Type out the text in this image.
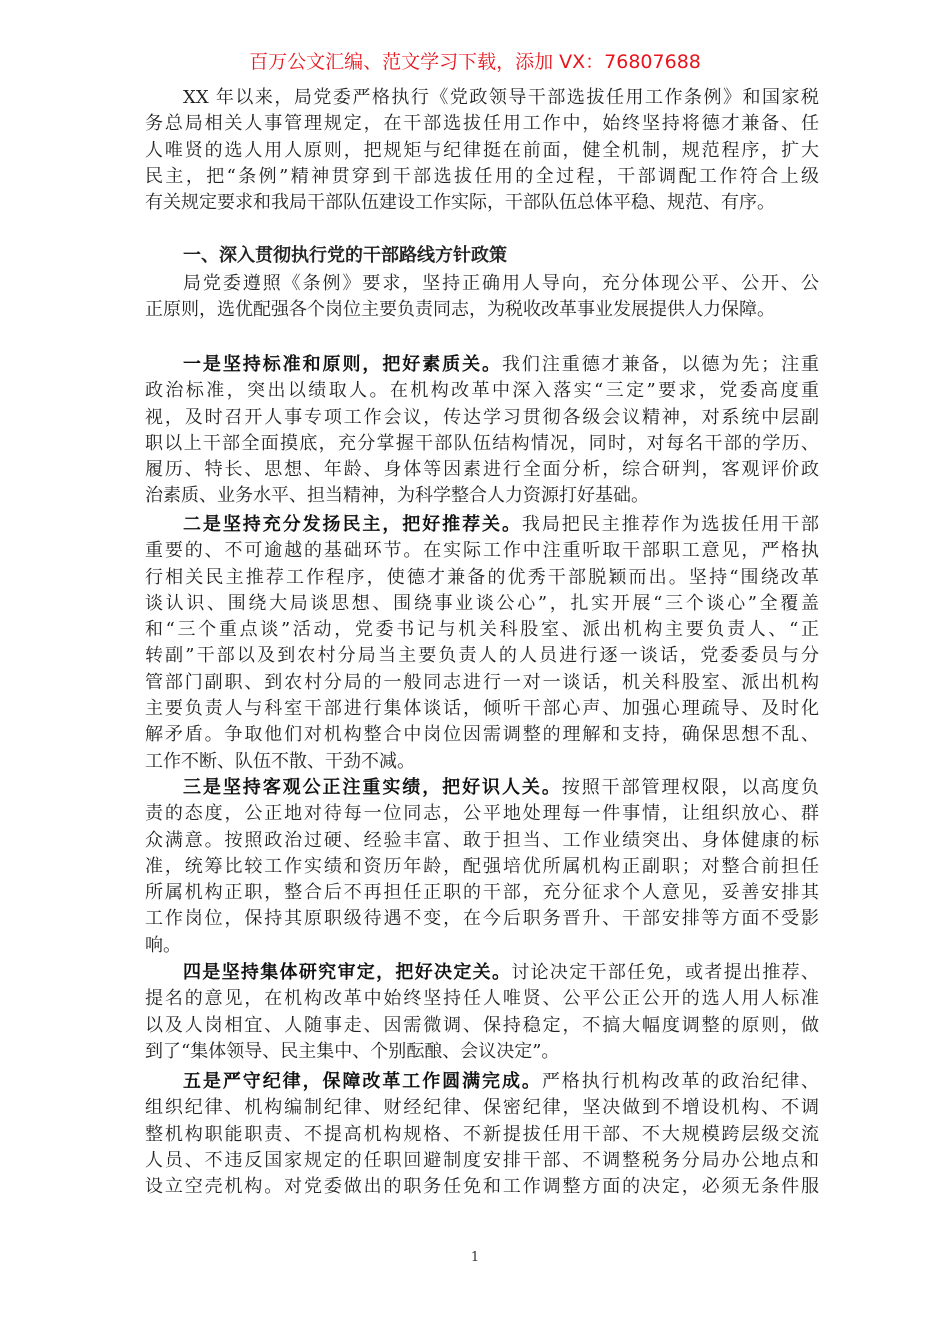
百万公文汇编、范文学习下载，添加 VX：76807688
XX 年以来，局党委严格执行《党政领导干部选拔任用工作条例》和国家税
务总局相关人事管理规定，在干部选拔任用工作中，始终坚持将德才兼备、任
人唯贤的选人用人原则，把规矩与纪律挺在前面，健全机制，规范程序，扩大
民主，把“条例”精神贯穿到干部选拔任用的全过程，干部调配工作符合上级
有关规定要求和我局干部队伍建设工作实际，干部队伍总体平稳、规范、有序。
一、深入贯彻执行党的干部路线方针政策
局党委遵照《条例》要求，坚持正确用人导向，充分体现公平、公开、公
正原则，选优配强各个岗位主要负责同志，为税收改革事业发展提供人力保障。
一是坚持标准和原则，把好素质关。我们注重德才兼备，以德为先；注重
政治标准，突出以绩取人。在机构改革中深入落实“三定”要求，党委高度重
视，及时召开人事专项工作会议，传达学习贯彻各级会议精神，对系统中层副
职以上干部全面摸底，充分掌握干部队伍结构情况，同时，对每名干部的学历、
履历、特长、思想、年龄、身体等因素进行全面分析，综合研判，客观评价政
治素质、业务水平、担当精神，为科学整合人力资源打好基础。
二是坚持充分发扬民主，把好推荐关。我局把民主推荐作为选拔任用干部
重要的、不可逾越的基础环节。在实际工作中注重听取干部职工意见，严格执
行相关民主推荐工作程序，使德才兼备的优秀干部脱颖而出。坚持“围绕改革
谈认识、围绕大局谈思想、围绕事业谈公心”，扎实开展“三个谈心”全覆盖
和“三个重点谈”活动，党委书记与机关科股室、派出机构主要负责人、“正
转副”干部以及到农村分局当主要负责人的人员进行逐一谈话，党委委员与分
管部门副职、到农村分局的一般同志进行一对一谈话，机关科股室、派出机构
主要负责人与科室干部进行集体谈话，倾听干部心声、加强心理疏导、及时化
解矛盾。争取他们对机构整合中岗位因需调整的理解和支持，确保思想不乱、
工作不断、队伍不散、干劲不减。
三是坚持客观公正注重实绩，把好识人关。按照干部管理权限，以高度负
责的态度，公正地对待每一位同志，公平地处理每一件事情，让组织放心、群
众满意。按照政治过硬、经验丰富、敢于担当、工作业绩突出、身体健康的标
准，统筹比较工作实绩和资历年龄，配强培优所属机构正副职；对整合前担任
所属机构正职，整合后不再担任正职的干部，充分征求个人意见，妥善安排其
工作岗位，保持其原职级待遇不变，在今后职务晋升、干部安排等方面不受影
响。
四是坚持集体研究审定，把好决定关。讨论决定干部任免，或者提出推荐、
提名的意见，在机构改革中始终坚持任人唯贤、公平公正公开的选人用人标准
以及人岗相宜、人随事走、因需微调、保持稳定，不搞大幅度调整的原则，做
到了“集体领导、民主集中、个别酝酿、会议决定”。
五是严守纪律，保障改革工作圆满完成。严格执行机构改革的政治纪律、
组织纪律、机构编制纪律、财经纪律、保密纪律，坚决做到不增设机构、不调
整机构职能职责、不提高机构规格、不新提拔任用干部、不大规模跨层级交流
人员、不违反国家规定的任职回避制度安排干部、不调整税务分局办公地点和
设立空壳机构。对党委做出的职务任免和工作调整方面的决定，必须无条件服
1
